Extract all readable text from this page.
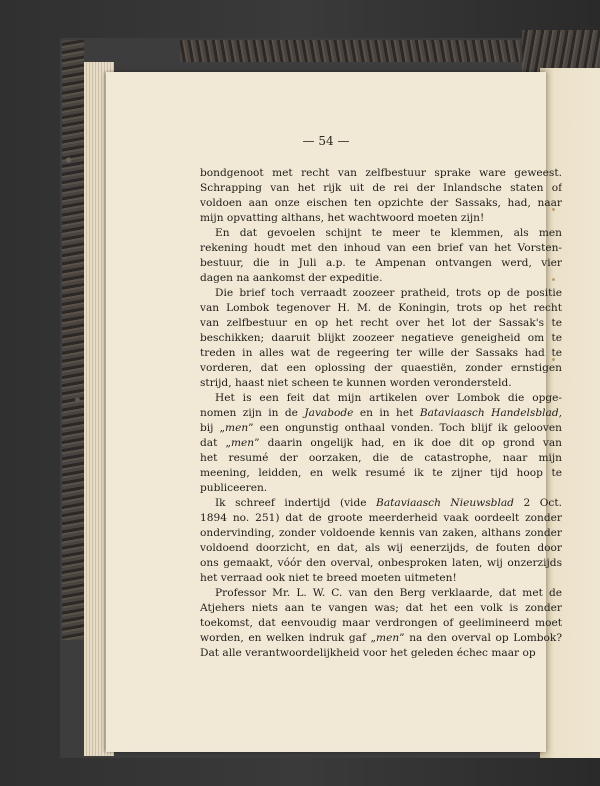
— 54 —
bondgenoot met recht van zelfbestuur sprake ware geweest.
Schrapping van het rijk uit de rei der Inlandsche staten of
voldoen aan onze eischen ten opzichte der Sassaks, had, naar
mijn opvatting althans, het wachtwoord moeten zijn!
En dat gevoelen schijnt te meer te klemmen, als men
rekening houdt met den inhoud van een brief van het Vorsten-
bestuur, die in Juli a.p. te Ampenan ontvangen werd, vier
dagen na aankomst der expeditie.
Die brief toch verraadt zoozeer pratheid, trots op de positie
van Lombok tegenover H. M. de Koningin, trots op het recht
van zelfbestuur en op het recht over het lot der Sassak's te
beschikken; daaruit blijkt zoozeer negatieve geneigheid om te
treden in alles wat de regeering ter wille der Sassaks had te
vorderen, dat een oplossing der quaestiën, zonder ernstigen
strijd, haast niet scheen te kunnen worden verondersteld.
Het is een feit dat mijn artikelen over Lombok die opge-
nomen zijn in de Javabode en in het Bataviaasch Handelsblad,
bij „men” een ongunstig onthaal vonden. Toch blijf ik gelooven
dat „men” daarin ongelijk had, en ik doe dit op grond van
het resumé der oorzaken, die de catastrophe, naar mijn
meening, leidden, en welk resumé ik te zijner tijd hoop te
publiceeren.
Ik schreef indertijd (vide Bataviaasch Nieuwsblad 2 Oct.
1894 no. 251) dat de groote meerderheid vaak oordeelt zonder
ondervinding, zonder voldoende kennis van zaken, althans zonder
voldoend doorzicht, en dat, als wij eenerzijds, de fouten door
ons gemaakt, vóór den overval, onbesproken laten, wij onzerzijds
het verraad ook niet te breed moeten uitmeten!
Professor Mr. L. W. C. van den Berg verklaarde, dat met de
Atjehers niets aan te vangen was; dat het een volk is zonder
toekomst, dat eenvoudig maar verdrongen of geelimineerd moet
worden, en welken indruk gaf „men” na den overval op Lombok?
Dat alle verantwoordelijkheid voor het geleden échec maar op
